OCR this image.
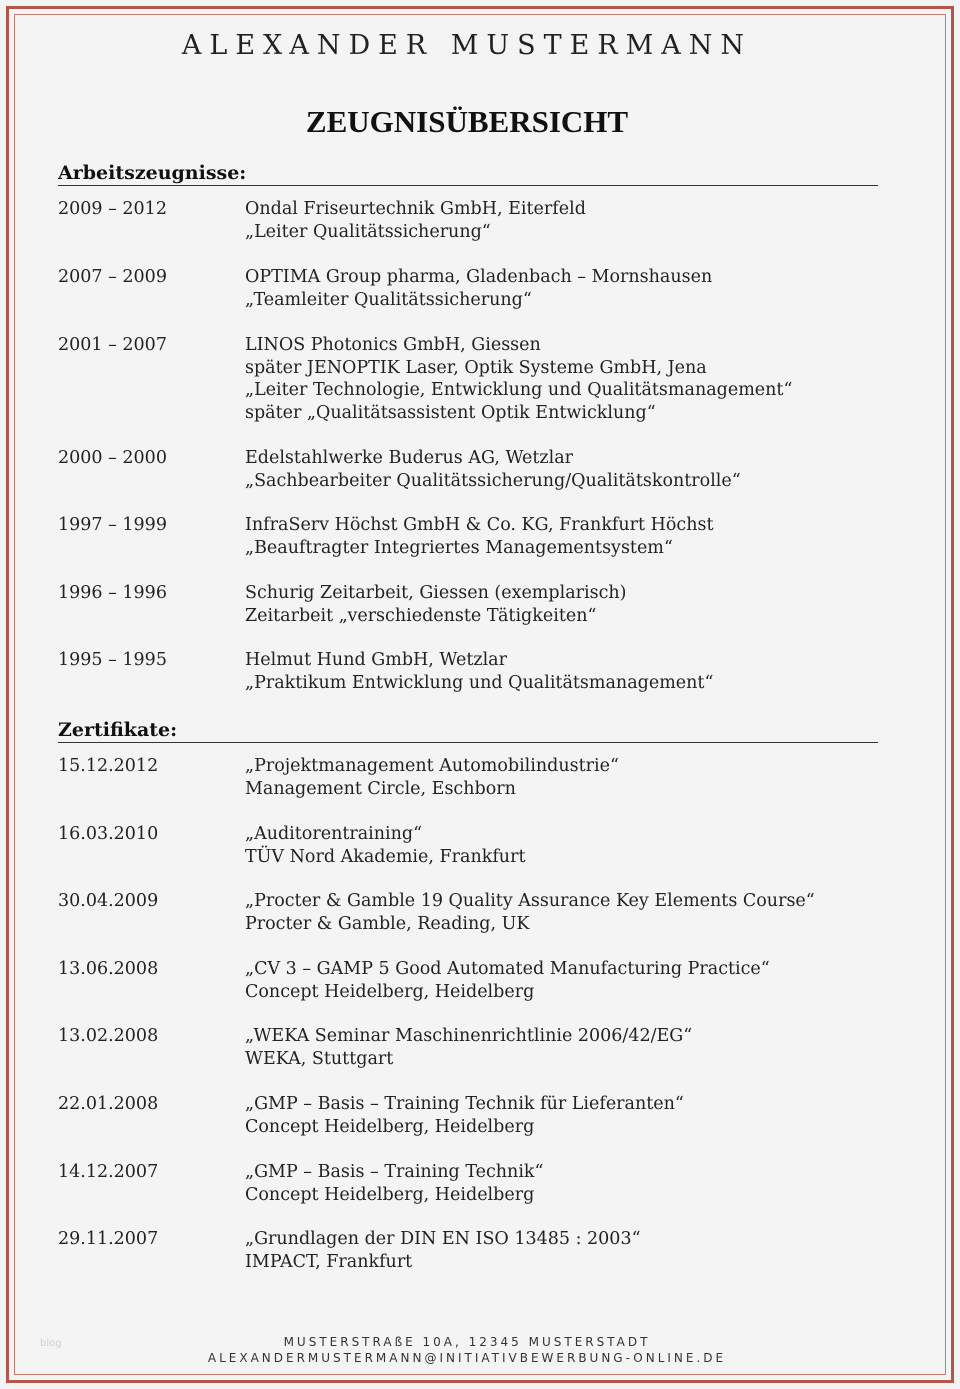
ALEXANDER MUSTERMANN
ZEUGNISÜBERSICHT
Arbeitszeugnisse:
2009 – 2012	Ondal Friseurtechnik GmbH, Eiterfeld
„Leiter Qualitätssicherung“
2007 – 2009	OPTIMA Group pharma, Gladenbach – Mornshausen
„Teamleiter Qualitätssicherung“
2001 – 2007	LINOS Photonics GmbH, Giessen
später JENOPTIK Laser, Optik Systeme GmbH, Jena
„Leiter Technologie, Entwicklung und Qualitätsmanagement“
später „Qualitätsassistent Optik Entwicklung“
2000 – 2000	Edelstahlwerke Buderus AG, Wetzlar
„Sachbearbeiter Qualitätssicherung/Qualitätskontrolle“
1997 – 1999	InfraServ Höchst GmbH & Co. KG, Frankfurt Höchst
„Beauftragter Integriertes Managementsystem“
1996 – 1996	Schurig Zeitarbeit, Giessen (exemplarisch)
Zeitarbeit „verschiedenste Tätigkeiten“
1995 – 1995	Helmut Hund GmbH, Wetzlar
„Praktikum Entwicklung und Qualitätsmanagement“
Zertifikate:
15.12.2012	„Projektmanagement Automobilindustrie“
Management Circle, Eschborn
16.03.2010	„Auditorentraining“
TÜV Nord Akademie, Frankfurt
30.04.2009	„Procter & Gamble 19 Quality Assurance Key Elements Course“
Procter & Gamble, Reading, UK
13.06.2008	„CV 3 – GAMP 5 Good Automated Manufacturing Practice“
Concept Heidelberg, Heidelberg
13.02.2008	„WEKA Seminar Maschinenrichtlinie 2006/42/EG“
WEKA, Stuttgart
22.01.2008	„GMP – Basis – Training Technik für Lieferanten“
Concept Heidelberg, Heidelberg
14.12.2007	„GMP – Basis – Training Technik“
Concept Heidelberg, Heidelberg
29.11.2007	„Grundlagen der DIN EN ISO 13485 : 2003“
IMPACT, Frankfurt
MUSTERSTRAßE 10A, 12345 MUSTERSTADT
ALEXANDERMUSTERMANN@INITIATIVBEWERBUNG-ONLINE.DE
blog
